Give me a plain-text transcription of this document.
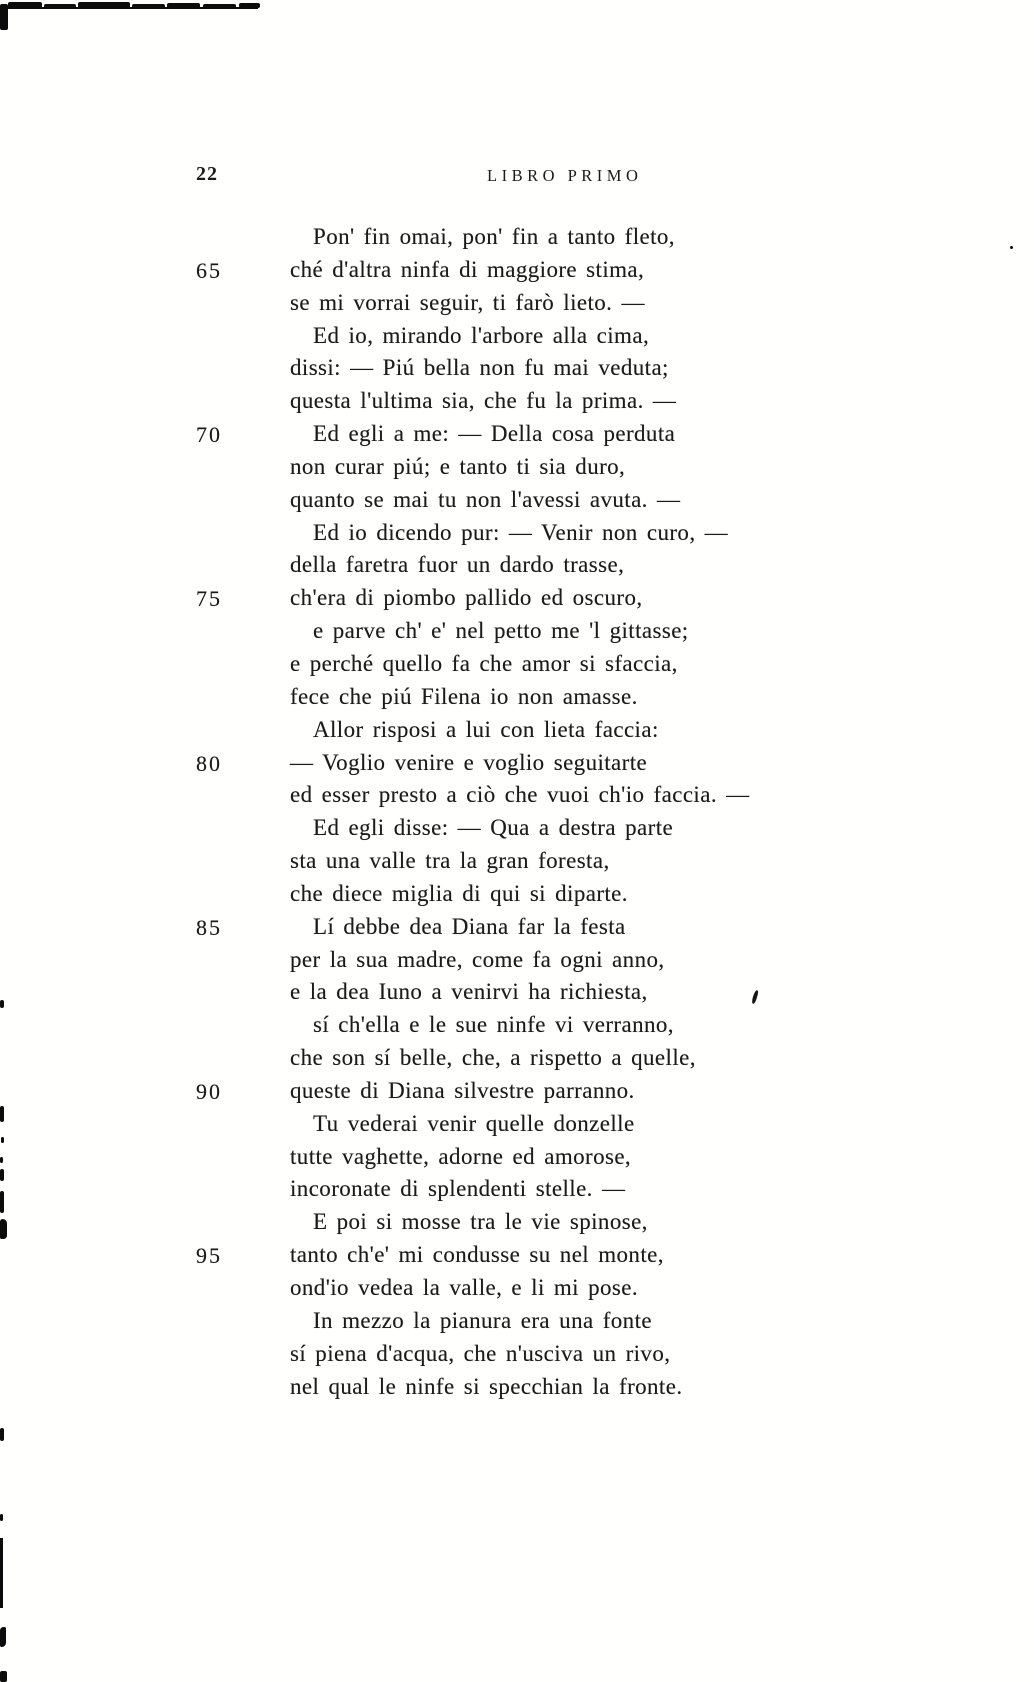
22	LIBRO PRIMO
Pon' fin omai, pon' fin a tanto fleto,
65	ché d'altra ninfa di maggiore stima,
se mi vorrai seguir, ti farò lieto. —
Ed io, mirando l'arbore alla cima,
dissi: — Piú bella non fu mai veduta;
questa l'ultima sia, che fu la prima. —
70	Ed egli a me: — Della cosa perduta
non curar piú; e tanto ti sia duro,
quanto se mai tu non l'avessi avuta. —
Ed io dicendo pur: — Venir non curo, —
della faretra fuor un dardo trasse,
75	ch'era di piombo pallido ed oscuro,
e parve ch' e' nel petto me 'l gittasse;
e perché quello fa che amor si sfaccia,
fece che piú Filena io non amasse.
Allor risposi a lui con lieta faccia:
80	— Voglio venire e voglio seguitarte
ed esser presto a ciò che vuoi ch'io faccia. —
Ed egli disse: — Qua a destra parte
sta una valle tra la gran foresta,
che diece miglia di qui si diparte.
85	Lí debbe dea Diana far la festa
per la sua madre, come fa ogni anno,
e la dea Iuno a venirvi ha richiesta,
sí ch'ella e le sue ninfe vi verranno,
che son sí belle, che, a rispetto a quelle,
90	queste di Diana silvestre parranno.
Tu vederai venir quelle donzelle
tutte vaghette, adorne ed amorose,
incoronate di splendenti stelle. —
E poi si mosse tra le vie spinose,
95	tanto ch'e' mi condusse su nel monte,
ond'io vedea la valle, e li mi pose.
In mezzo la pianura era una fonte
sí piena d'acqua, che n'usciva un rivo,
nel qual le ninfe si specchian la fronte.
